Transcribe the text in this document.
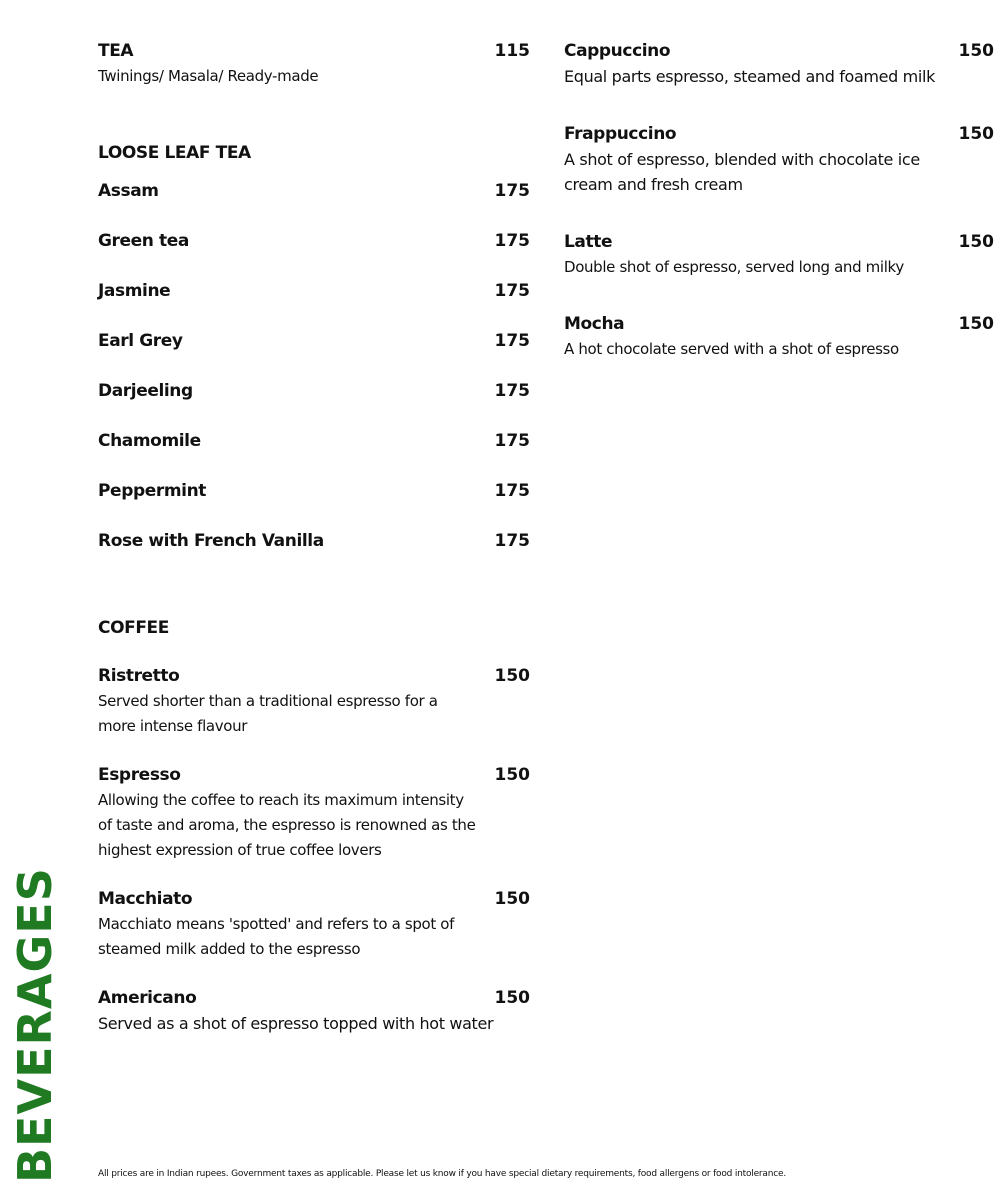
BEVERAGES
TEA	115
Twinings/ Masala/ Ready-made
LOOSE LEAF TEA
Assam	175
Green tea	175
Jasmine	175
Earl Grey	175
Darjeeling	175
Chamomile	175
Peppermint	175
Rose with French Vanilla	175
COFFEE
Ristretto	150
Served shorter than a traditional espresso for a
more intense flavour
Espresso	150
Allowing the coffee to reach its maximum intensity
of taste and aroma, the espresso is renowned as the
highest expression of true coffee lovers
Macchiato	150
Macchiato means 'spotted' and refers to a spot of
steamed milk added to the espresso
Americano	150
Served as a shot of espresso topped with hot water
Cappuccino	150
Equal parts espresso, steamed and foamed milk
Frappuccino	150
A shot of espresso, blended with chocolate ice
cream and fresh cream
Latte	150
Double shot of espresso, served long and milky
Mocha	150
A hot chocolate served with a shot of espresso
All prices are in Indian rupees. Government taxes as applicable. Please let us know if you have special dietary requirements, food allergens or food intolerance.
